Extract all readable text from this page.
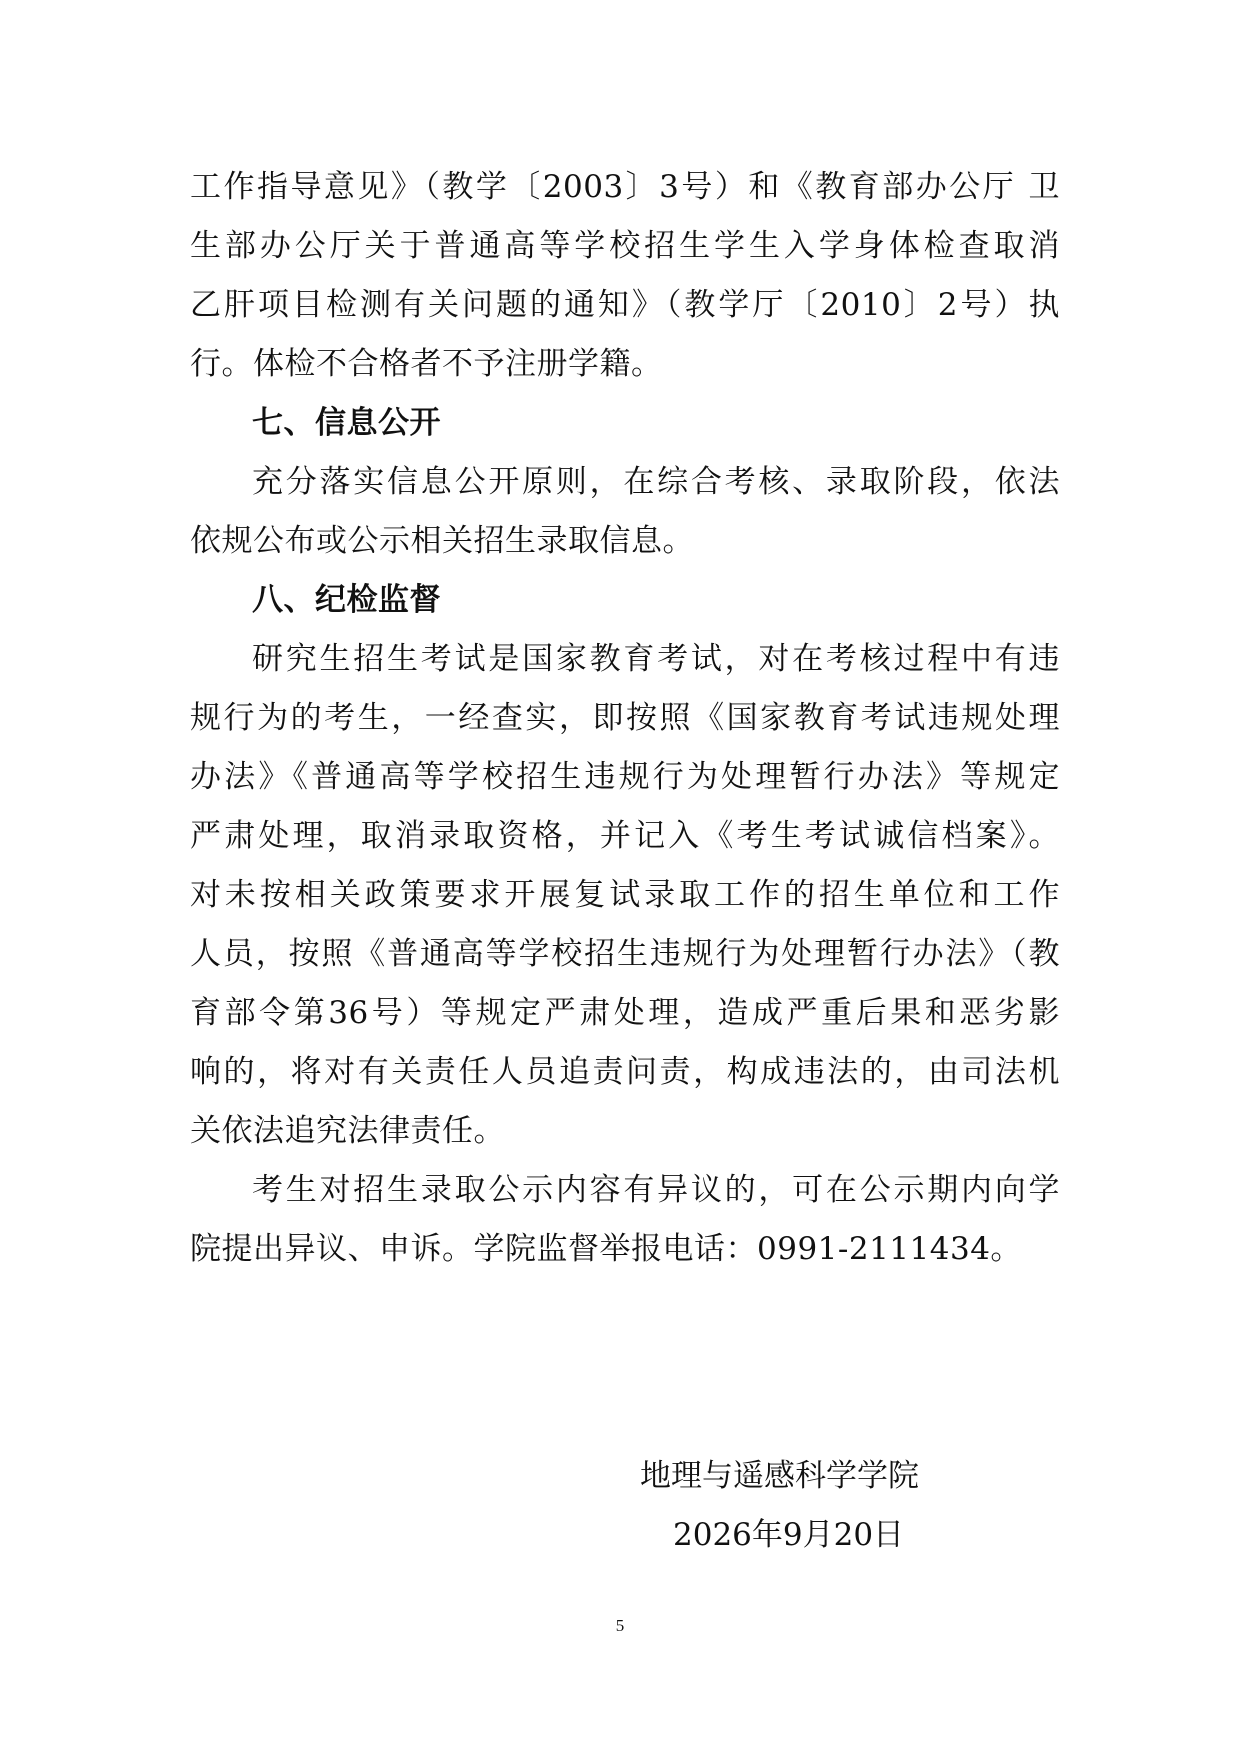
工作指导意见》（教学〔2003〕3号）和《教育部办公厅 卫
生部办公厅关于普通高等学校招生学生入学身体检查取消
乙肝项目检测有关问题的通知》（教学厅〔2010〕2号）执
行。体检不合格者不予注册学籍。
七、信息公开
充分落实信息公开原则，在综合考核、录取阶段，依法
依规公布或公示相关招生录取信息。
八、纪检监督
研究生招生考试是国家教育考试，对在考核过程中有违
规行为的考生，一经查实，即按照《国家教育考试违规处理
办法》《普通高等学校招生违规行为处理暂行办法》等规定
严肃处理，取消录取资格，并记入《考生考试诚信档案》。
对未按相关政策要求开展复试录取工作的招生单位和工作
人员，按照《普通高等学校招生违规行为处理暂行办法》（教
育部令第36号）等规定严肃处理，造成严重后果和恶劣影
响的，将对有关责任人员追责问责，构成违法的，由司法机
关依法追究法律责任。
考生对招生录取公示内容有异议的，可在公示期内向学
院提出异议、申诉。学院监督举报电话：0991-2111434。
地理与遥感科学学院
2026年9月20日
5
